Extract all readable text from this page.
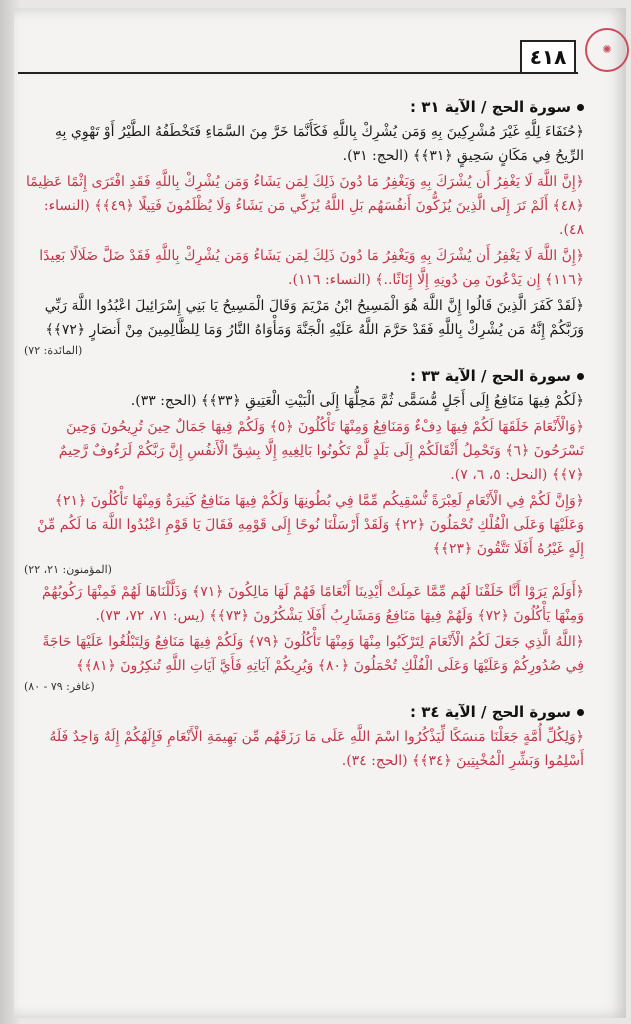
✺
٤١٨
سورة الحج / الآية ٣١ :
﴿حُنَفَاءَ لِلَّهِ غَيْرَ مُشْرِكِينَ بِهِ وَمَن يُشْرِكْ بِاللَّهِ فَكَأَنَّمَا خَرَّ مِنَ السَّمَاءِ فَتَخْطَفُهُ الطَّيْرُ أَوْ تَهْوِي بِهِ الرِّيحُ فِي مَكَانٍ سَحِيقٍ ﴿٣١﴾﴾ (الحج: ٣١).
﴿إِنَّ اللَّهَ لَا يَغْفِرُ أَن يُشْرَكَ بِهِ وَيَغْفِرُ مَا دُونَ ذَلِكَ لِمَن يَشَاءُ وَمَن يُشْرِكْ بِاللَّهِ فَقَدِ افْتَرَى إِثْمًا عَظِيمًا ﴿٤٨﴾ أَلَمْ تَرَ إِلَى الَّذِينَ يُزَكُّونَ أَنفُسَهُم بَلِ اللَّهُ يُزَكِّي مَن يَشَاءُ وَلَا يُظْلَمُونَ فَتِيلًا ﴿٤٩﴾﴾ (النساء: ٤٨).
﴿إِنَّ اللَّهَ لَا يَغْفِرُ أَن يُشْرَكَ بِهِ وَيَغْفِرُ مَا دُونَ ذَلِكَ لِمَن يَشَاءُ وَمَن يُشْرِكْ بِاللَّهِ فَقَدْ ضَلَّ ضَلَالًا بَعِيدًا ﴿١١٦﴾ إِن يَدْعُونَ مِن دُونِهِ إِلَّا إِنَاثًا..﴾ (النساء: ١١٦).
﴿لَقَدْ كَفَرَ الَّذِينَ قَالُوا إِنَّ اللَّهَ هُوَ الْمَسِيحُ ابْنُ مَرْيَمَ وَقَالَ الْمَسِيحُ يَا بَنِي إِسْرَائِيلَ اعْبُدُوا اللَّهَ رَبِّي وَرَبَّكُمْ إِنَّهُ مَن يُشْرِكْ بِاللَّهِ فَقَدْ حَرَّمَ اللَّهُ عَلَيْهِ الْجَنَّةَ وَمَأْوَاهُ النَّارُ وَمَا لِلظَّالِمِينَ مِنْ أَنصَارٍ ﴿٧٢﴾﴾
(المائدة: ٧٢)
سورة الحج / الآية ٣٣ :
﴿لَكُمْ فِيهَا مَنَافِعُ إِلَى أَجَلٍ مُّسَمًّى ثُمَّ مَحِلُّهَا إِلَى الْبَيْتِ الْعَتِيقِ ﴿٣٣﴾﴾ (الحج: ٣٣).
﴿وَالْأَنْعَامَ خَلَقَهَا لَكُمْ فِيهَا دِفْءٌ وَمَنَافِعُ وَمِنْهَا تَأْكُلُونَ ﴿٥﴾ وَلَكُمْ فِيهَا جَمَالٌ حِينَ تُرِيحُونَ وَحِينَ تَسْرَحُونَ ﴿٦﴾ وَتَحْمِلُ أَثْقَالَكُمْ إِلَى بَلَدٍ لَّمْ تَكُونُوا بَالِغِيهِ إِلَّا بِشِقِّ الْأَنفُسِ إِنَّ رَبَّكُمْ لَرَءُوفٌ رَّحِيمٌ ﴿٧﴾﴾ (النحل: ٥، ٦، ٧).
﴿وَإِنَّ لَكُمْ فِي الْأَنْعَامِ لَعِبْرَةً نُّسْقِيكُم مِّمَّا فِي بُطُونِهَا وَلَكُمْ فِيهَا مَنَافِعُ كَثِيرَةٌ وَمِنْهَا تَأْكُلُونَ ﴿٢١﴾ وَعَلَيْهَا وَعَلَى الْفُلْكِ تُحْمَلُونَ ﴿٢٢﴾ وَلَقَدْ أَرْسَلْنَا نُوحًا إِلَى قَوْمِهِ فَقَالَ يَا قَوْمِ اعْبُدُوا اللَّهَ مَا لَكُم مِّنْ إِلَهٍ غَيْرُهُ أَفَلَا تَتَّقُونَ ﴿٢٣﴾﴾
(المؤمنون: ٢١، ٢٢)
﴿أَوَلَمْ يَرَوْا أَنَّا خَلَقْنَا لَهُم مِّمَّا عَمِلَتْ أَيْدِينَا أَنْعَامًا فَهُمْ لَهَا مَالِكُونَ ﴿٧١﴾ وَذَلَّلْنَاهَا لَهُمْ فَمِنْهَا رَكُوبُهُمْ وَمِنْهَا يَأْكُلُونَ ﴿٧٢﴾ وَلَهُمْ فِيهَا مَنَافِعُ وَمَشَارِبُ أَفَلَا يَشْكُرُونَ ﴿٧٣﴾﴾ (يس: ٧١، ٧٢، ٧٣).
﴿اللَّهُ الَّذِي جَعَلَ لَكُمُ الْأَنْعَامَ لِتَرْكَبُوا مِنْهَا وَمِنْهَا تَأْكُلُونَ ﴿٧٩﴾ وَلَكُمْ فِيهَا مَنَافِعُ وَلِتَبْلُغُوا عَلَيْهَا حَاجَةً فِي صُدُورِكُمْ وَعَلَيْهَا وَعَلَى الْفُلْكِ تُحْمَلُونَ ﴿٨٠﴾ وَيُرِيكُمْ آيَاتِهِ فَأَيَّ آيَاتِ اللَّهِ تُنكِرُونَ ﴿٨١﴾﴾
(غافر: ٧٩ - ٨٠)
سورة الحج / الآية ٣٤ :
﴿وَلِكُلِّ أُمَّةٍ جَعَلْنَا مَنسَكًا لِّيَذْكُرُوا اسْمَ اللَّهِ عَلَى مَا رَزَقَهُم مِّن بَهِيمَةِ الْأَنْعَامِ فَإِلَهُكُمْ إِلَهٌ وَاحِدٌ فَلَهُ أَسْلِمُوا وَبَشِّرِ الْمُخْبِتِينَ ﴿٣٤﴾﴾ (الحج: ٣٤).
